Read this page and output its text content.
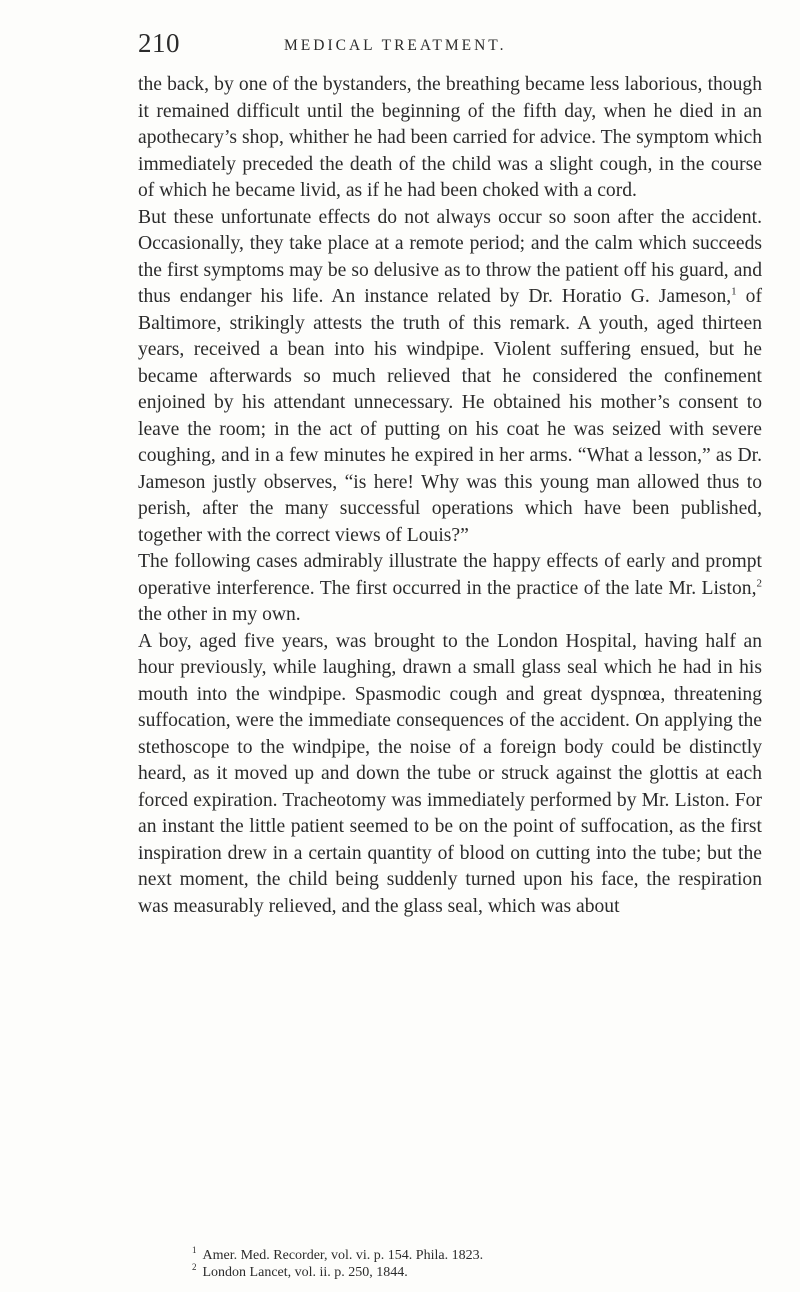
210	MEDICAL TREATMENT.

the back, by one of the bystanders, the breathing became less laborious, though it remained difficult until the beginning of the fifth day, when he died in an apothecary’s shop, whither he had been carried for advice. The symptom which immediately preceded the death of the child was a slight cough, in the course of which he became livid, as if he had been choked with a cord.

But these unfortunate effects do not always occur so soon after the accident. Occasionally, they take place at a remote period; and the calm which succeeds the first symptoms may be so delusive as to throw the patient off his guard, and thus endanger his life. An instance related by Dr. Horatio G. Jameson,$^1$ of Baltimore, strikingly attests the truth of this remark. A youth, aged thirteen years, received a bean into his windpipe. Violent suffering ensued, but he became afterwards so much relieved that he considered the confinement enjoined by his attendant unnecessary. He obtained his mother’s consent to leave the room; in the act of putting on his coat he was seized with severe coughing, and in a few minutes he expired in her arms. “What a lesson,” as Dr. Jameson justly observes, “is here! Why was this young man allowed thus to perish, after the many successful operations which have been published, together with the correct views of Louis?”

The following cases admirably illustrate the happy effects of early and prompt operative interference. The first occurred in the practice of the late Mr. Liston,$^2$ the other in my own.

A boy, aged five years, was brought to the London Hospital, having half an hour previously, while laughing, drawn a small glass seal which he had in his mouth into the windpipe. Spasmodic cough and great dyspnœa, threatening suffocation, were the immediate consequences of the accident. On applying the stethoscope to the windpipe, the noise of a foreign body could be distinctly heard, as it moved up and down the tube or struck against the glottis at each forced expiration. Tracheotomy was immediately performed by Mr. Liston. For an instant the little patient seemed to be on the point of suffocation, as the first inspiration drew in a certain quantity of blood on cutting into the tube; but the next moment, the child being suddenly turned upon his face, the respiration was measurably relieved, and the glass seal, which was about

$^1$ Amer. Med. Recorder, vol. vi. p. 154. Phila. 1823.

$^2$ London Lancet, vol. ii. p. 250, 1844.
